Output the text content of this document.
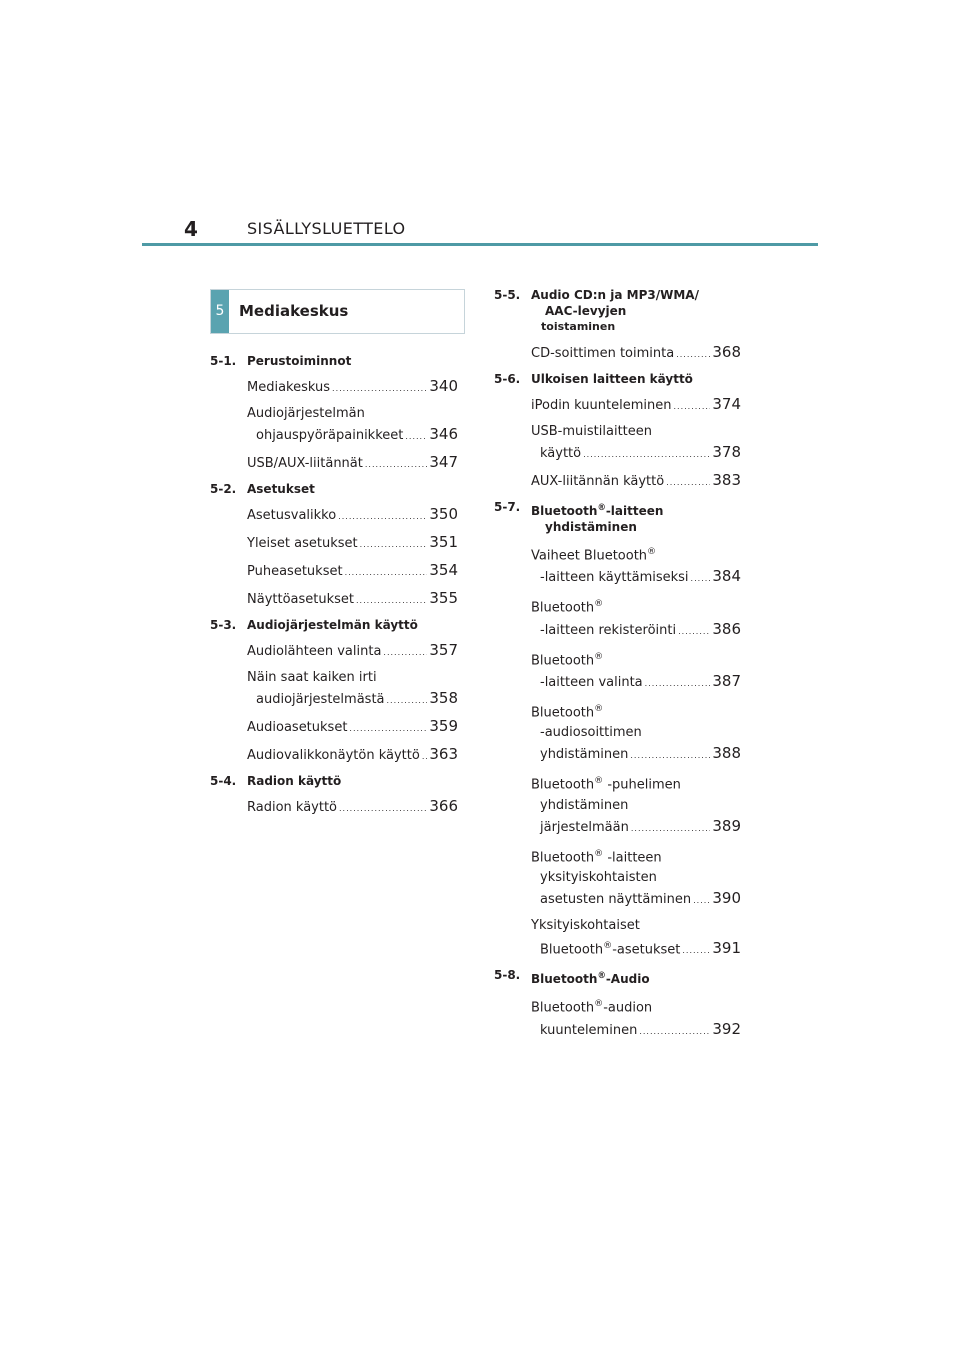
4	SISÄLLYSLUETTELO
5 Mediakeskus
5-1. Perustoiminnot
Mediakeskus .....	340
Audiojärjestelmän
ohjauspyöräpainikkeet ..... 346
USB/AUX-liitännät .....	347
5-2. Asetukset
Asetusvalikko .....	350
Yleiset asetukset .....	351
Puheasetukset .....	354
Näyttöasetukset .....	355
5-3. Audiojärjestelmän käyttö
Audiolähteen valinta .....	357
Näin saat kaiken irti
audiojärjestelmästä .....	358
Audioasetukset .....	359
Audiovalikkonäytön käyttö ..... 363
5-4. Radion käyttö
Radion käyttö .....	366
5-5. Audio CD:n ja MP3/WMA/
AAC-levyjen
toistaminen
CD-soittimen toiminta .....	368
5-6. Ulkoisen laitteen käyttö
iPodin kuunteleminen .....	374
USB-muistilaitteen
käyttö .....	378
AUX-liitännän käyttö .....	383
5-7. Bluetooth®-laitteen
yhdistäminen
Vaiheet Bluetooth®
-laitteen käyttämiseksi ..... 384
Bluetooth®
-laitteen rekisteröinti ..... 386
Bluetooth®
-laitteen valinta .....	387
Bluetooth®
-audiosoittimen
yhdistäminen .....	388
Bluetooth® -puhelimen
yhdistäminen
järjestelmään .....	389
Bluetooth® -laitteen
yksityiskohtaisten
asetusten näyttäminen ..... 390
Yksityiskohtaiset
Bluetooth®-asetukset ..... 391
5-8. Bluetooth®-Audio
Bluetooth®-audion
kuunteleminen .....	392
